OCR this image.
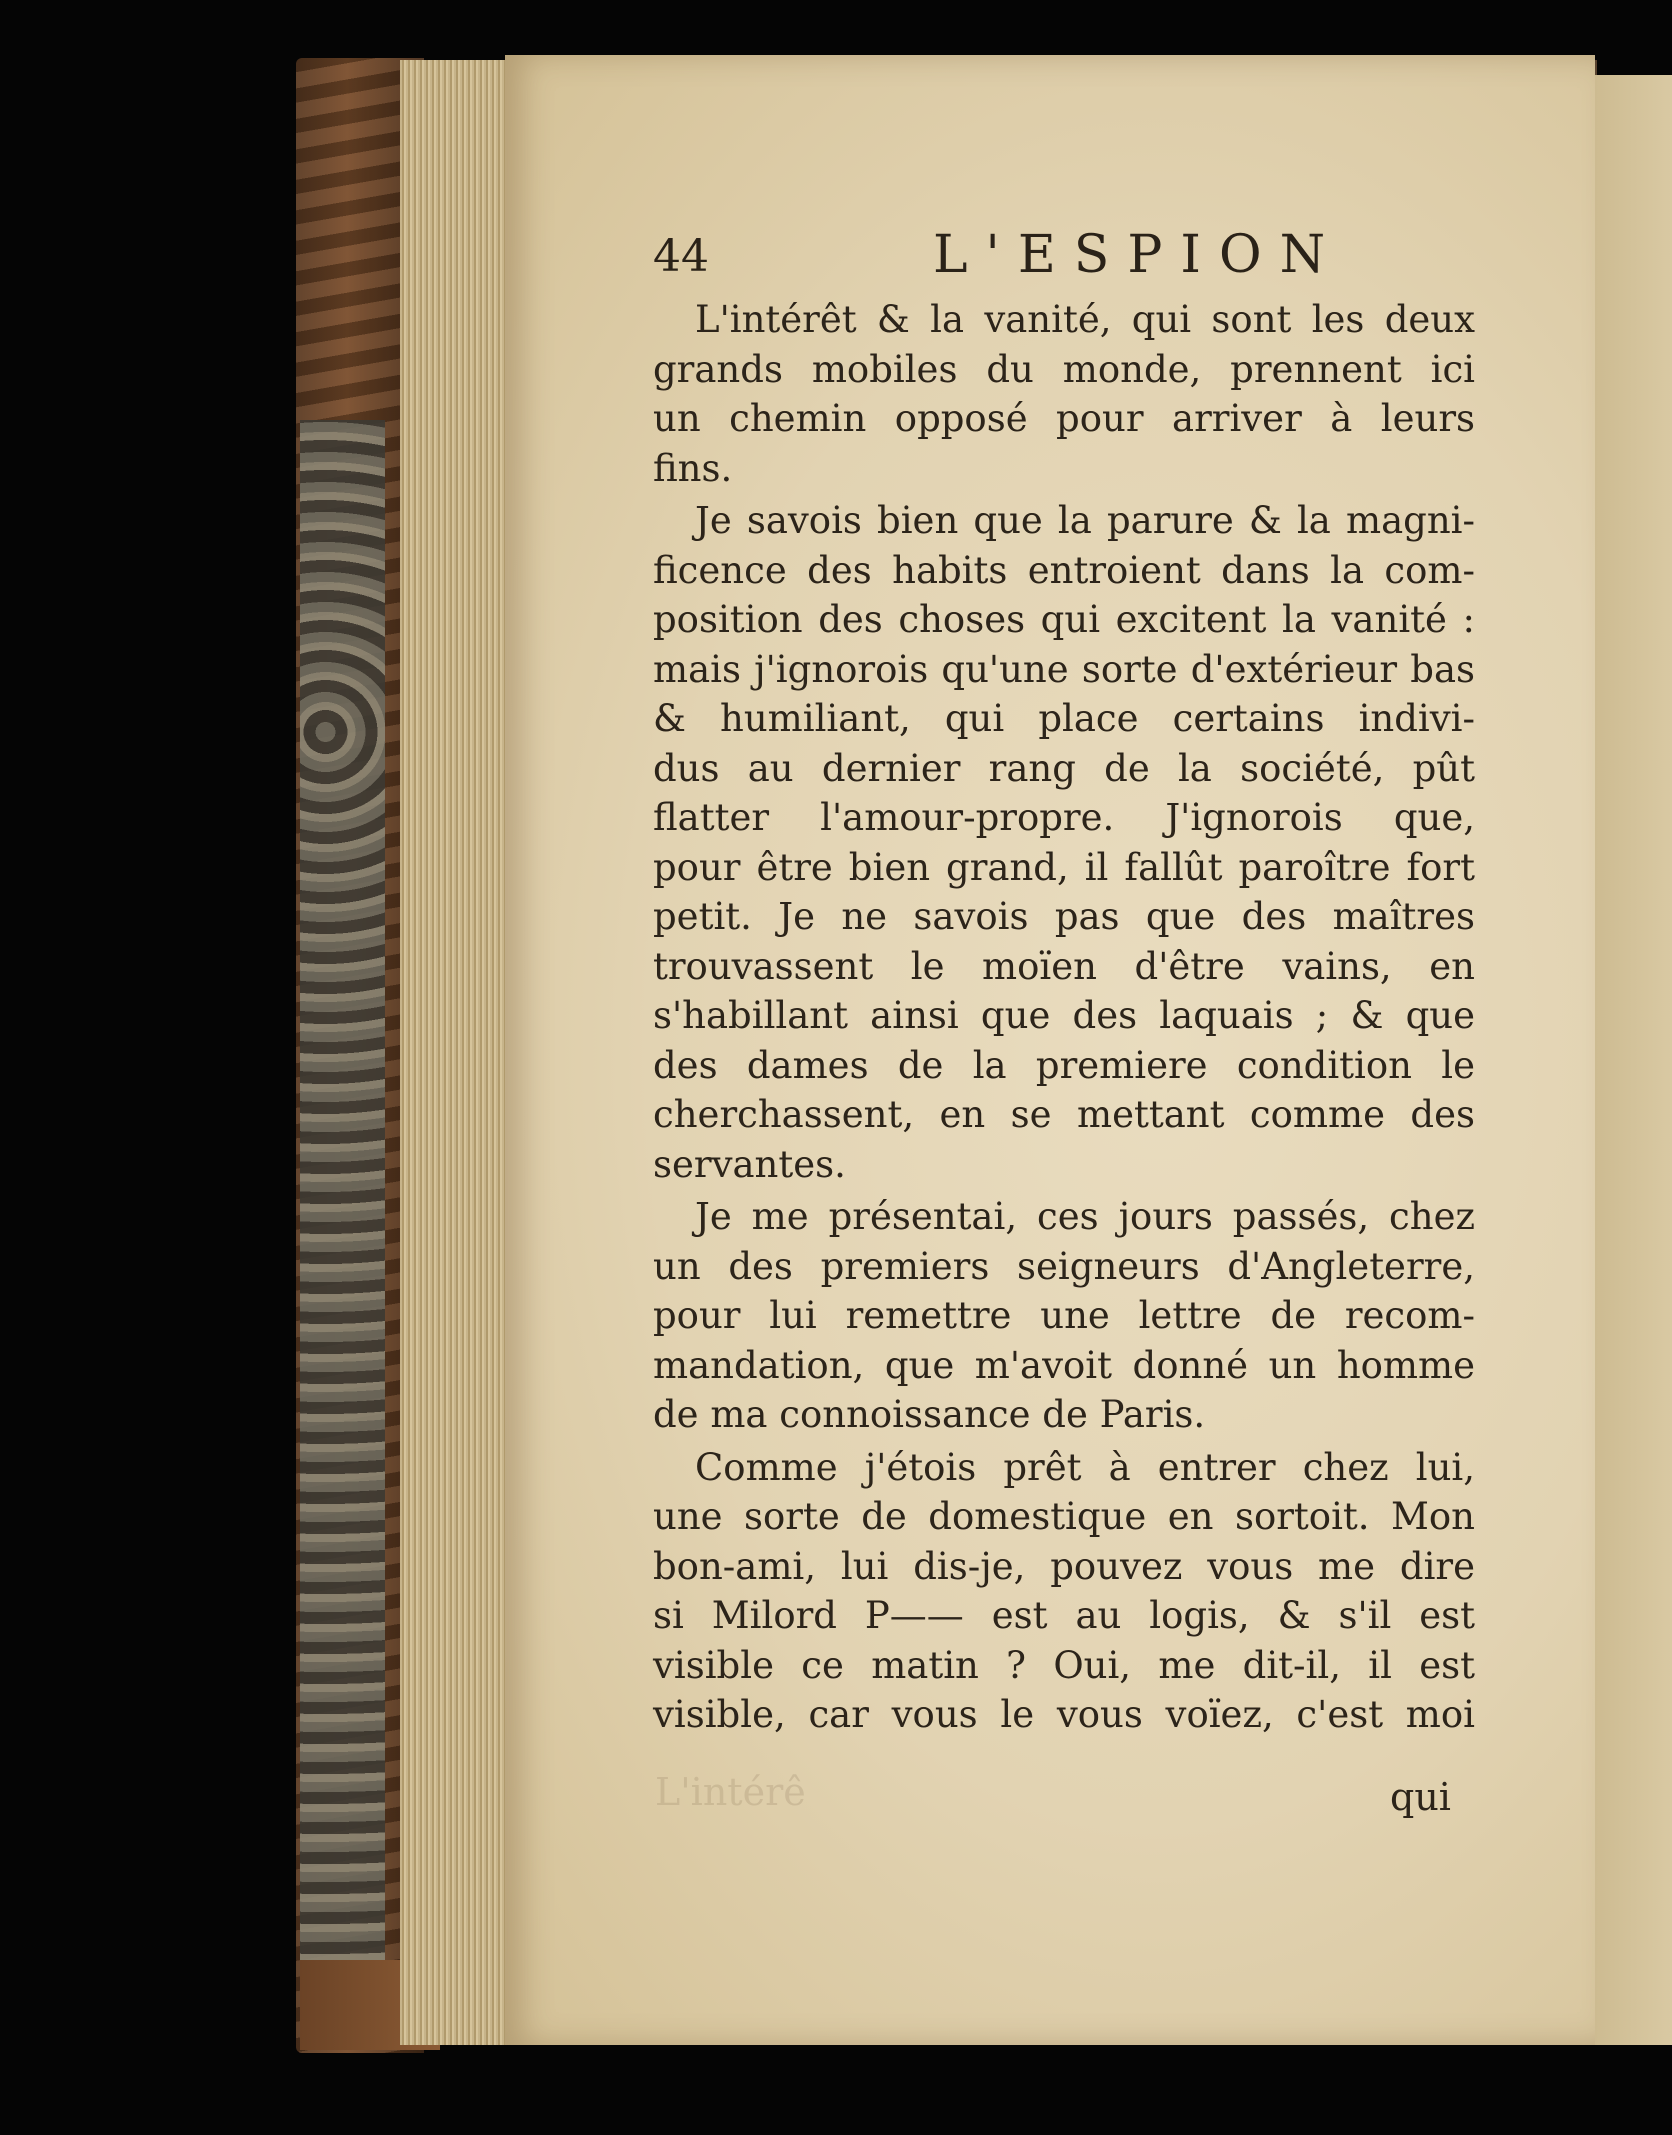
44	L'ESPION
L'intérêt & la vanité, qui sont les deux
grands mobiles du monde, prennent ici
un chemin opposé pour arriver à leurs
fins.
Je savois bien que la parure & la magni-
ficence des habits entroient dans la com-
position des choses qui excitent la vanité :
mais j'ignorois qu'une sorte d'extérieur bas
& humiliant, qui place certains indivi-
dus au dernier rang de la société, pût
flatter l'amour-propre. J'ignorois que,
pour être bien grand, il fallût paroître fort
petit. Je ne savois pas que des maîtres
trouvassent le moïen d'être vains, en
s'habillant ainsi que des laquais ; & que
des dames de la premiere condition le
cherchassent, en se mettant comme des
servantes.
Je me présentai, ces jours passés, chez
un des premiers seigneurs d'Angleterre,
pour lui remettre une lettre de recom-
mandation, que m'avoit donné un homme
de ma connoissance de Paris.
Comme j'étois prêt à entrer chez lui,
une sorte de domestique en sortoit. Mon
bon-ami, lui dis-je, pouvez vous me dire
si Milord P—— est au logis, & s'il est
visible ce matin ? Oui, me dit-il, il est
visible, car vous le vous voïez, c'est moi
L'intérê	qui
